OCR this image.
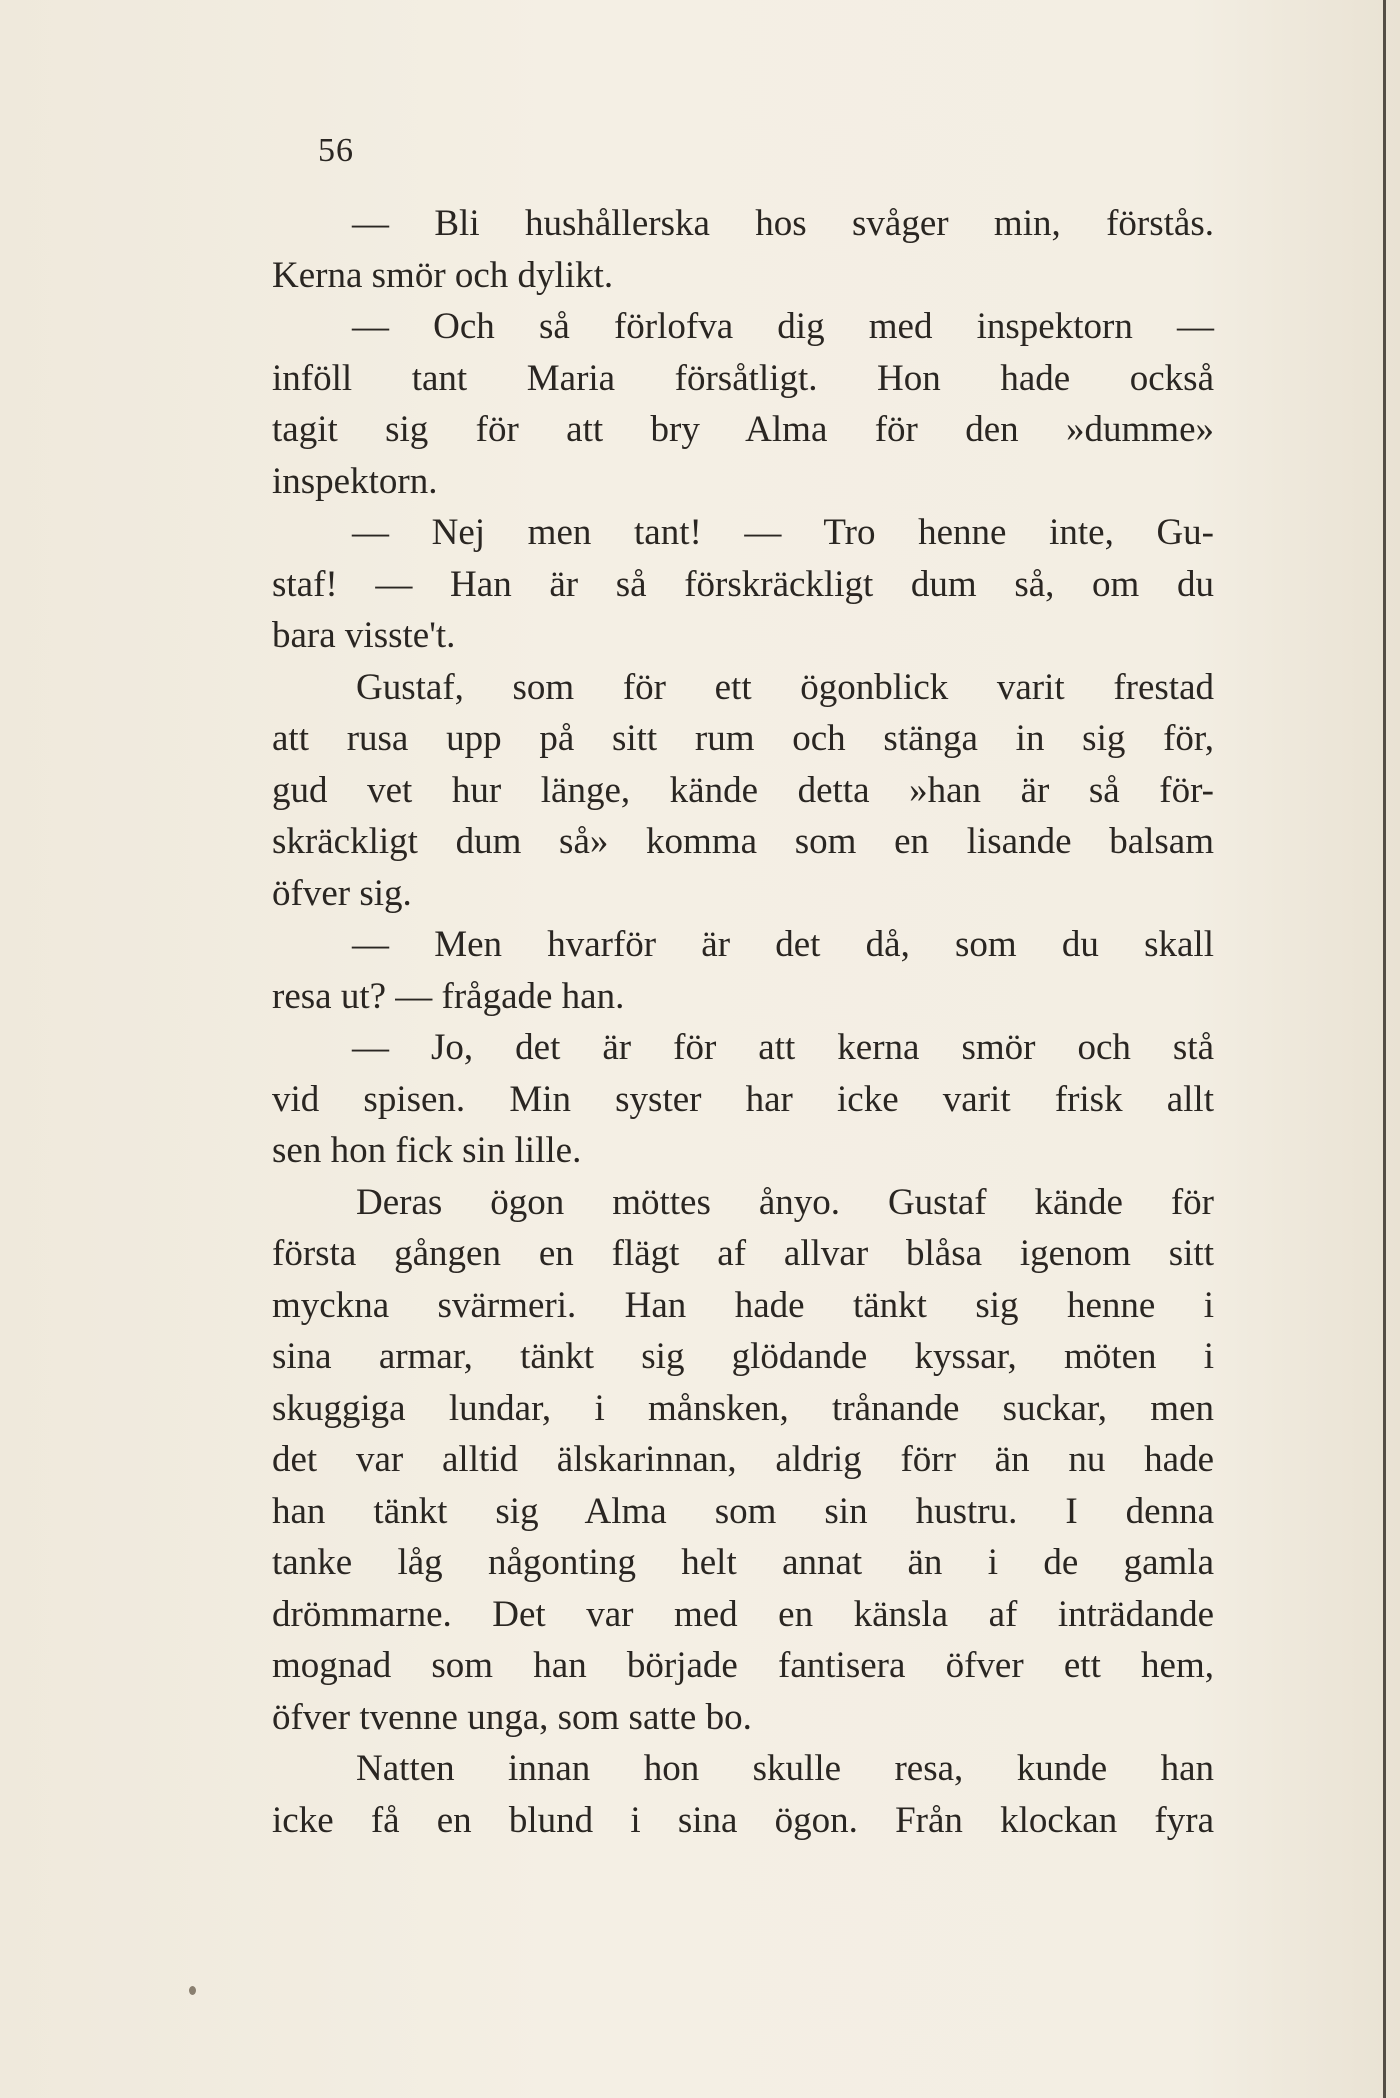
56
— Bli hushållerska hos svåger min, förstås.
Kerna smör och dylikt.
— Och så förlofva dig med inspektorn —
inföll tant Maria försåtligt. Hon hade också
tagit sig för att bry Alma för den »dumme»
inspektorn.
— Nej men tant! — Tro henne inte, Gu-
staf! — Han är så förskräckligt dum så, om du
bara visste't.
Gustaf, som för ett ögonblick varit frestad
att rusa upp på sitt rum och stänga in sig för,
gud vet hur länge, kände detta »han är så för-
skräckligt dum så» komma som en lisande balsam
öfver sig.
— Men hvarför är det då, som du skall
resa ut? — frågade han.
— Jo, det är för att kerna smör och stå
vid spisen. Min syster har icke varit frisk allt
sen hon fick sin lille.
Deras ögon möttes ånyo. Gustaf kände för
första gången en flägt af allvar blåsa igenom sitt
myckna svärmeri. Han hade tänkt sig henne i
sina armar, tänkt sig glödande kyssar, möten i
skuggiga lundar, i månsken, trånande suckar, men
det var alltid älskarinnan, aldrig förr än nu hade
han tänkt sig Alma som sin hustru. I denna
tanke låg någonting helt annat än i de gamla
drömmarne. Det var med en känsla af inträdande
mognad som han började fantisera öfver ett hem,
öfver tvenne unga, som satte bo.
Natten innan hon skulle resa, kunde han
icke få en blund i sina ögon. Från klockan fyra
